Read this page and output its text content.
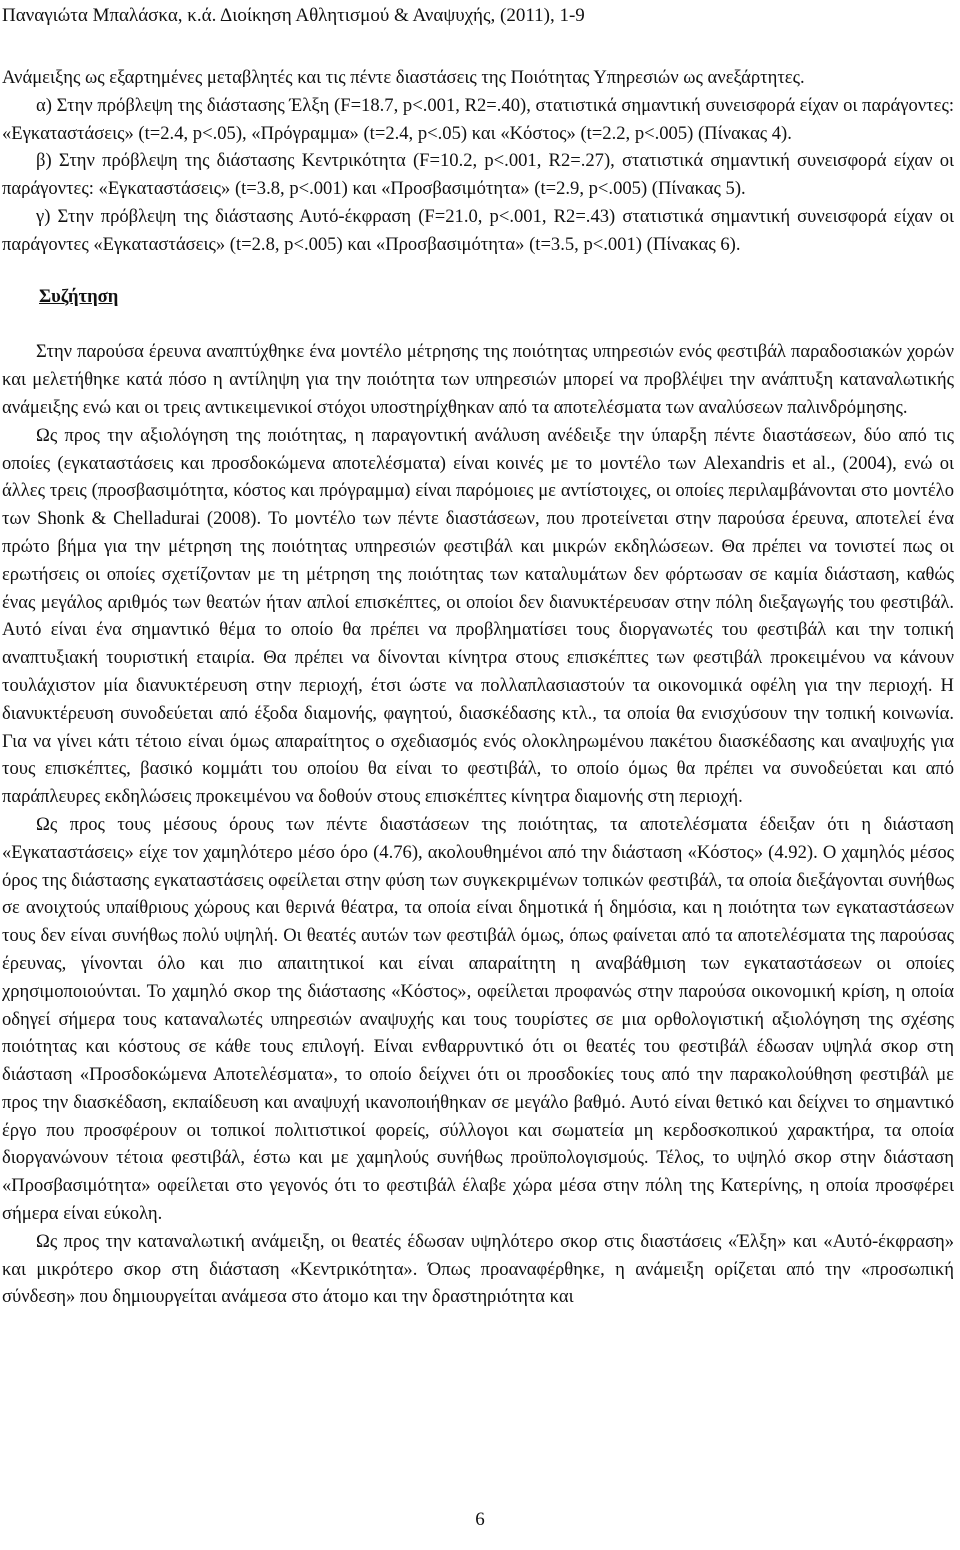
Παναγιώτα Μπαλάσκα, κ.ά. Διοίκηση Αθλητισμού & Αναψυχής, (2011), 1-9

Ανάμειξης ως εξαρτημένες μεταβλητές και τις πέντε διαστάσεις της Ποιότητας Υπηρεσιών ως ανεξάρτητες.

α) Στην πρόβλεψη της διάστασης Έλξη (F=18.7, p<.001, R2=.40), στατιστικά σημαντική συνεισφορά είχαν οι παράγοντες: «Εγκαταστάσεις» (t=2.4, p<.05), «Πρόγραμμα» (t=2.4, p<.05) και «Κόστος» (t=2.2, p<.005) (Πίνακας 4).

β) Στην πρόβλεψη της διάστασης Κεντρικότητα (F=10.2, p<.001, R2=.27), στατιστικά σημαντική συνεισφορά είχαν οι παράγοντες: «Εγκαταστάσεις» (t=3.8, p<.001) και «Προσβασιμότητα» (t=2.9, p<.005) (Πίνακας 5).

γ) Στην πρόβλεψη της διάστασης Αυτό-έκφραση (F=21.0, p<.001, R2=.43) στατιστικά σημαντική συνεισφορά είχαν οι παράγοντες «Εγκαταστάσεις» (t=2.8, p<.005) και «Προσβασιμότητα» (t=3.5, p<.001) (Πίνακας 6).

Συζήτηση

Στην παρούσα έρευνα αναπτύχθηκε ένα μοντέλο μέτρησης της ποιότητας υπηρεσιών ενός φεστιβάλ παραδοσιακών χορών και μελετήθηκε κατά πόσο η αντίληψη για την ποιότητα των υπηρεσιών μπορεί να προβλέψει την ανάπτυξη καταναλωτικής ανάμειξης ενώ και οι τρεις αντικειμενικοί στόχοι υποστηρίχθηκαν από τα αποτελέσματα των αναλύσεων παλινδρόμησης.

Ως προς την αξιολόγηση της ποιότητας, η παραγοντική ανάλυση ανέδειξε την ύπαρξη πέντε διαστάσεων, δύο από τις οποίες (εγκαταστάσεις και προσδοκώμενα αποτελέσματα) είναι κοινές με το μοντέλο των Alexandris et al., (2004), ενώ οι άλλες τρεις (προσβασιμότητα, κόστος και πρόγραμμα) είναι παρόμοιες με αντίστοιχες, οι οποίες περιλαμβάνονται στο μοντέλο των Shonk & Chelladurai (2008). Το μοντέλο των πέντε διαστάσεων, που προτείνεται στην παρούσα έρευνα, αποτελεί ένα πρώτο βήμα για την μέτρηση της ποιότητας υπηρεσιών φεστιβάλ και μικρών εκδηλώσεων. Θα πρέπει να τονιστεί πως οι ερωτήσεις οι οποίες σχετίζονταν με τη μέτρηση της ποιότητας των καταλυμάτων δεν φόρτωσαν σε καμία διάσταση, καθώς ένας μεγάλος αριθμός των θεατών ήταν απλοί επισκέπτες, οι οποίοι δεν διανυκτέρευσαν στην πόλη διεξαγωγής του φεστιβάλ. Αυτό είναι ένα σημαντικό θέμα το οποίο θα πρέπει να προβληματίσει τους διοργανωτές του φεστιβάλ και την τοπική αναπτυξιακή τουριστική εταιρία. Θα πρέπει να δίνονται κίνητρα στους επισκέπτες των φεστιβάλ προκειμένου να κάνουν τουλάχιστον μία διανυκτέρευση στην περιοχή, έτσι ώστε να πολλαπλασιαστούν τα οικονομικά οφέλη για την περιοχή. Η διανυκτέρευση συνοδεύεται από έξοδα διαμονής, φαγητού, διασκέδασης κτλ., τα οποία θα ενισχύσουν την τοπική κοινωνία. Για να γίνει κάτι τέτοιο είναι όμως απαραίτητος ο σχεδιασμός ενός ολοκληρωμένου πακέτου διασκέδασης και αναψυχής για τους επισκέπτες, βασικό κομμάτι του οποίου θα είναι το φεστιβάλ, το οποίο όμως θα πρέπει να συνοδεύεται και από παράπλευρες εκδηλώσεις προκειμένου να δοθούν στους επισκέπτες κίνητρα διαμονής στη περιοχή.

Ως προς τους μέσους όρους των πέντε διαστάσεων της ποιότητας, τα αποτελέσματα έδειξαν ότι η διάσταση «Εγκαταστάσεις» είχε τον χαμηλότερο μέσο όρο (4.76), ακολουθημένοι από την διάσταση «Κόστος» (4.92). Ο χαμηλός μέσος όρος της διάστασης εγκαταστάσεις οφείλεται στην φύση των συγκεκριμένων τοπικών φεστιβάλ, τα οποία διεξάγονται συνήθως σε ανοιχτούς υπαίθριους χώρους και θερινά θέατρα, τα οποία είναι δημοτικά ή δημόσια, και η ποιότητα των εγκαταστάσεων τους δεν είναι συνήθως πολύ υψηλή. Οι θεατές αυτών των φεστιβάλ όμως, όπως φαίνεται από τα αποτελέσματα της παρούσας έρευνας, γίνονται όλο και πιο απαιτητικοί και είναι απαραίτητη η αναβάθμιση των εγκαταστάσεων οι οποίες χρησιμοποιούνται. Το χαμηλό σκορ της διάστασης «Κόστος», οφείλεται προφανώς στην παρούσα οικονομική κρίση, η οποία οδηγεί σήμερα τους καταναλωτές υπηρεσιών αναψυχής και τους τουρίστες σε μια ορθολογιστική αξιολόγηση της σχέσης ποιότητας και κόστους σε κάθε τους επιλογή. Είναι ενθαρρυντικό ότι οι θεατές του φεστιβάλ έδωσαν υψηλά σκορ στη διάσταση «Προσδοκώμενα Αποτελέσματα», το οποίο δείχνει ότι οι προσδοκίες τους από την παρακολούθηση φεστιβάλ με προς την διασκέδαση, εκπαίδευση και αναψυχή ικανοποιήθηκαν σε μεγάλο βαθμό. Αυτό είναι θετικό και δείχνει το σημαντικό έργο που προσφέρουν οι τοπικοί πολιτιστικοί φορείς, σύλλογοι και σωματεία μη κερδοσκοπικού χαρακτήρα, τα οποία διοργανώνουν τέτοια φεστιβάλ, έστω και με χαμηλούς συνήθως προϋπολογισμούς. Τέλος, το υψηλό σκορ στην διάσταση «Προσβασιμότητα» οφείλεται στο γεγονός ότι το φεστιβάλ έλαβε χώρα μέσα στην πόλη της Κατερίνης, η οποία προσφέρει σήμερα είναι εύκολη.

Ως προς την καταναλωτική ανάμειξη, οι θεατές έδωσαν υψηλότερο σκορ στις διαστάσεις «Έλξη» και «Αυτό-έκφραση» και μικρότερο σκορ στη διάσταση «Κεντρικότητα». Όπως προαναφέρθηκε, η ανάμειξη ορίζεται από την «προσωπική σύνδεση» που δημιουργείται ανάμεσα στο άτομο και την δραστηριότητα και

6
